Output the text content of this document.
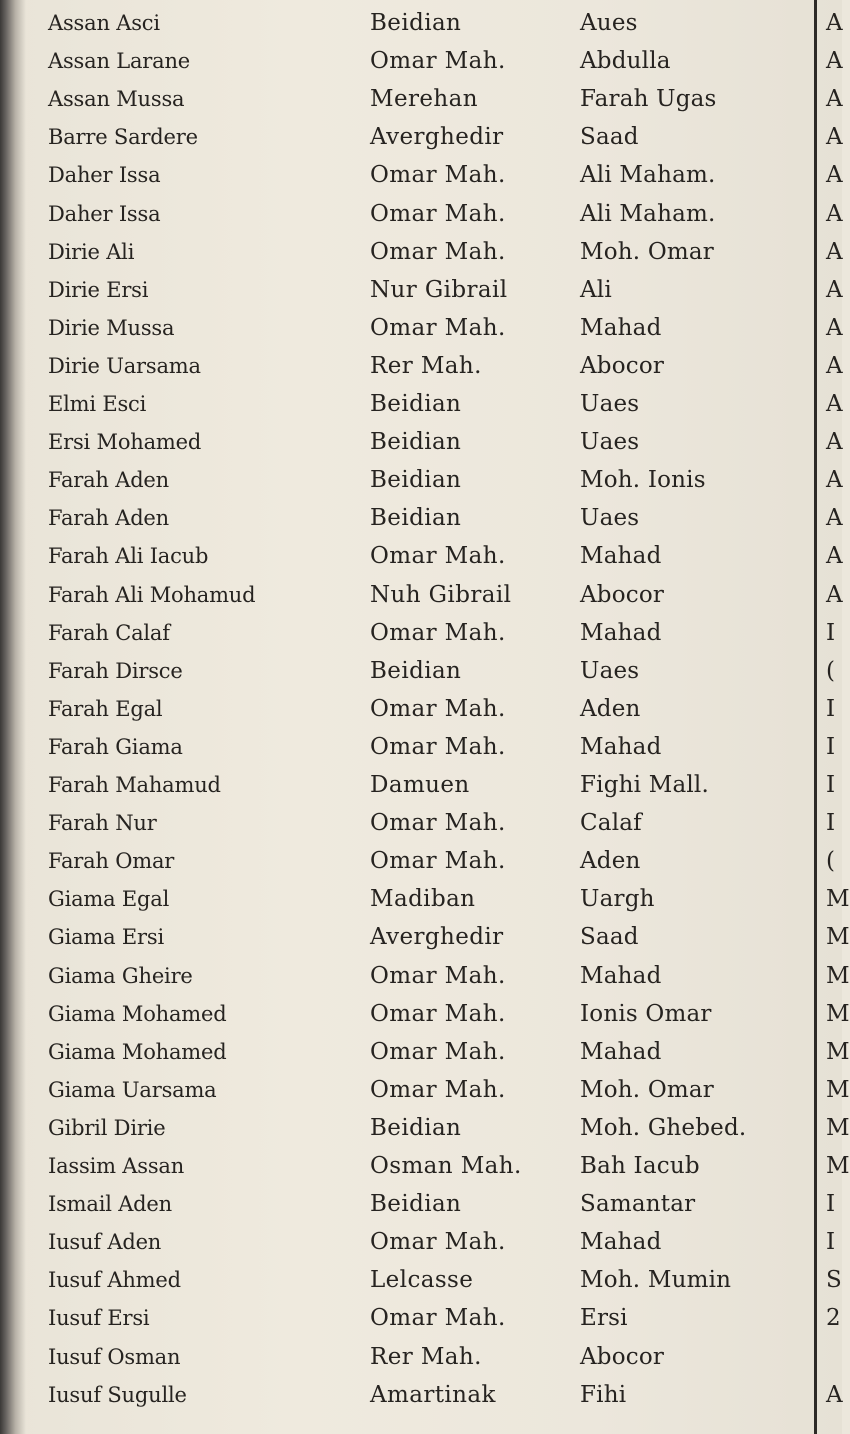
Assan Asci	Beidian	Aues	A
Assan Larane	Omar Mah.	Abdulla	A
Assan Mussa	Merehan	Farah Ugas	A
Barre Sardere	Averghedir	Saad	A
Daher Issa	Omar Mah.	Ali Maham.	A
Daher Issa	Omar Mah.	Ali Maham.	A
Dirie Ali	Omar Mah.	Moh. Omar	A
Dirie Ersi	Nur Gibrail	Ali	A
Dirie Mussa	Omar Mah.	Mahad	A
Dirie Uarsama	Rer Mah.	Abocor	A
Elmi Esci	Beidian	Uaes	A
Ersi Mohamed	Beidian	Uaes	A
Farah Aden	Beidian	Moh. Ionis	A
Farah Aden	Beidian	Uaes	A
Farah Ali Iacub	Omar Mah.	Mahad	A
Farah Ali Mohamud	Nuh Gibrail	Abocor	A
Farah Calaf	Omar Mah.	Mahad	I
Farah Dirsce	Beidian	Uaes	(
Farah Egal	Omar Mah.	Aden	I
Farah Giama	Omar Mah.	Mahad	I
Farah Mahamud	Damuen	Fighi Mall.	I
Farah Nur	Omar Mah.	Calaf	I
Farah Omar	Omar Mah.	Aden	(
Giama Egal	Madiban	Uargh	M
Giama Ersi	Averghedir	Saad	M
Giama Gheire	Omar Mah.	Mahad	M
Giama Mohamed	Omar Mah.	Ionis Omar	M
Giama Mohamed	Omar Mah.	Mahad	M
Giama Uarsama	Omar Mah.	Moh. Omar	M
Gibril Dirie	Beidian	Moh. Ghebed.	M
Iassim Assan	Osman Mah.	Bah Iacub	M
Ismail Aden	Beidian	Samantar	I
Iusuf Aden	Omar Mah.	Mahad	I
Iusuf Ahmed	Lelcasse	Moh. Mumin	S
Iusuf Ersi	Omar Mah.	Ersi	2
Iusuf Osman	Rer Mah.	Abocor
Iusuf Sugulle	Amartinak	Fihi	A
